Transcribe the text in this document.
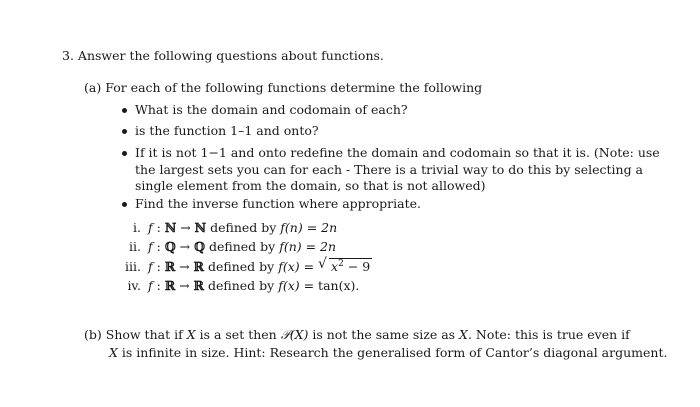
3. Answer the following questions about functions.
(a) For each of the following functions determine the following
What is the domain and codomain of each?
is the function 1–1 and onto?
If it is not 1−1 and onto redefine the domain and codomain so that it is. (Note: use
the largest sets you can for each - There is a trivial way to do this by selecting a
single element from the domain, so that is not allowed)
Find the inverse function where appropriate.
i. f : ℕ → ℕ defined by f(n) = 2n
ii. f : ℚ → ℚ defined by f(n) = 2n
iii. f : ℝ → ℝ defined by f(x) = √ $x^2 - 9$
iv. f : ℝ → ℝ defined by f(x) = tan(x).
(b) Show that if X is a set then 𝒫(X) is not the same size as X. Note: this is true even if
X is infinite in size. Hint: Research the generalised form of Cantor’s diagonal argument.
